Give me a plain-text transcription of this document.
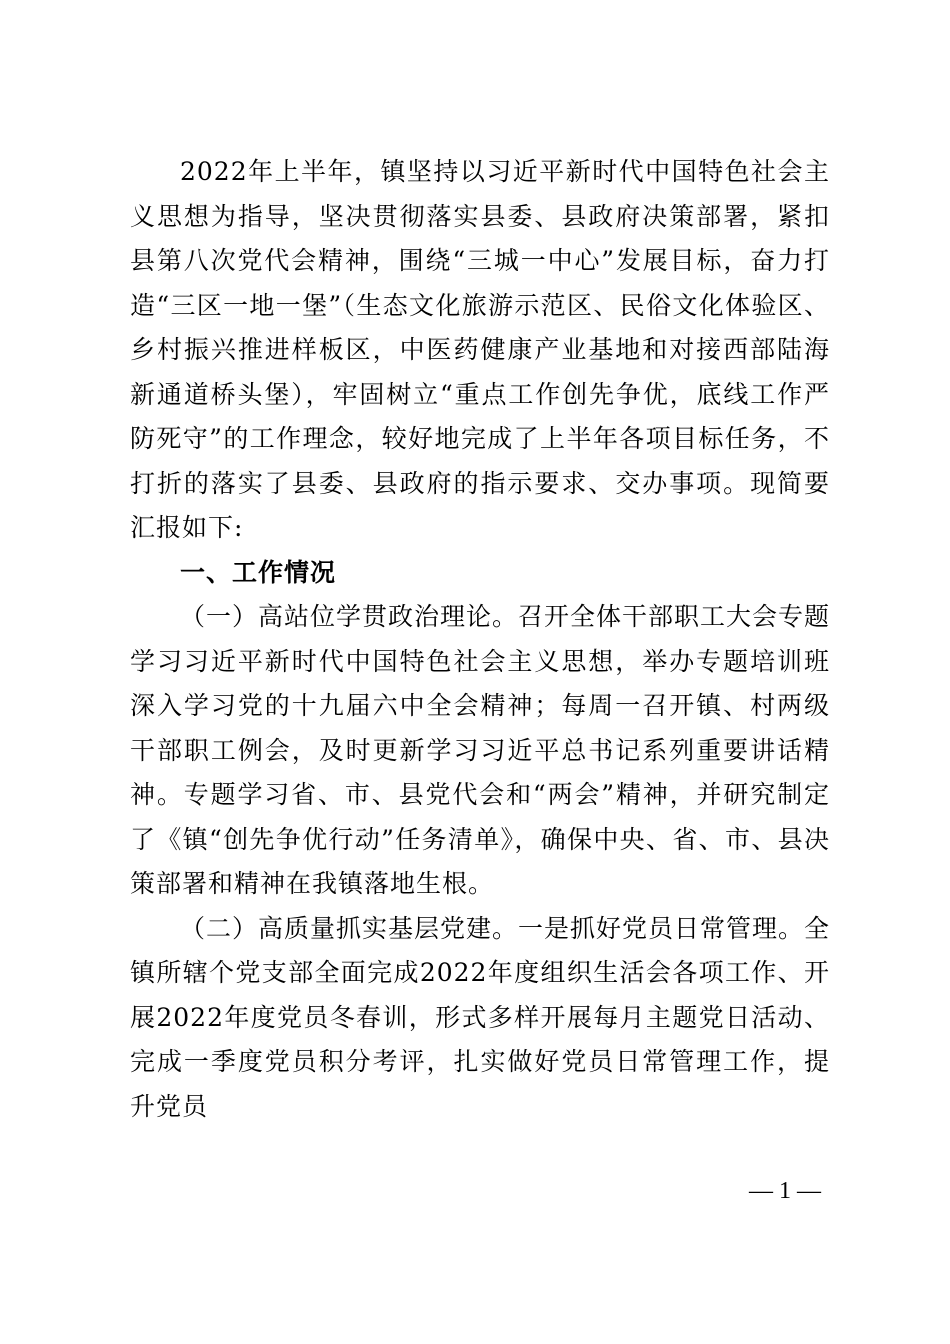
2022年上半年，镇坚持以习近平新时代中国特色社会主义思想为指导，坚决贯彻落实县委、县政府决策部署，紧扣县第八次党代会精神，围绕“三城一中心”发展目标，奋力打造“三区一地一堡”（生态文化旅游示范区、民俗文化体验区、乡村振兴推进样板区，中医药健康产业基地和对接西部陆海新通道桥头堡），牢固树立“重点工作创先争优，底线工作严防死守”的工作理念，较好地完成了上半年各项目标任务，不打折的落实了县委、县政府的指示要求、交办事项。现简要汇报如下:

一、工作情况

（一）高站位学贯政治理论。召开全体干部职工大会专题学习习近平新时代中国特色社会主义思想，举办专题培训班深入学习党的十九届六中全会精神；每周一召开镇、村两级干部职工例会，及时更新学习习近平总书记系列重要讲话精神。专题学习省、市、县党代会和“两会”精神，并研究制定了《镇“创先争优行动”任务清单》，确保中央、省、市、县决策部署和精神在我镇落地生根。

（二）高质量抓实基层党建。一是抓好党员日常管理。全镇所辖个党支部全面完成2022年度组织生活会各项工作、开展2022年度党员冬春训，形式多样开展每月主题党日活动、完成一季度党员积分考评，扎实做好党员日常管理工作，提升党员

— 1 —
